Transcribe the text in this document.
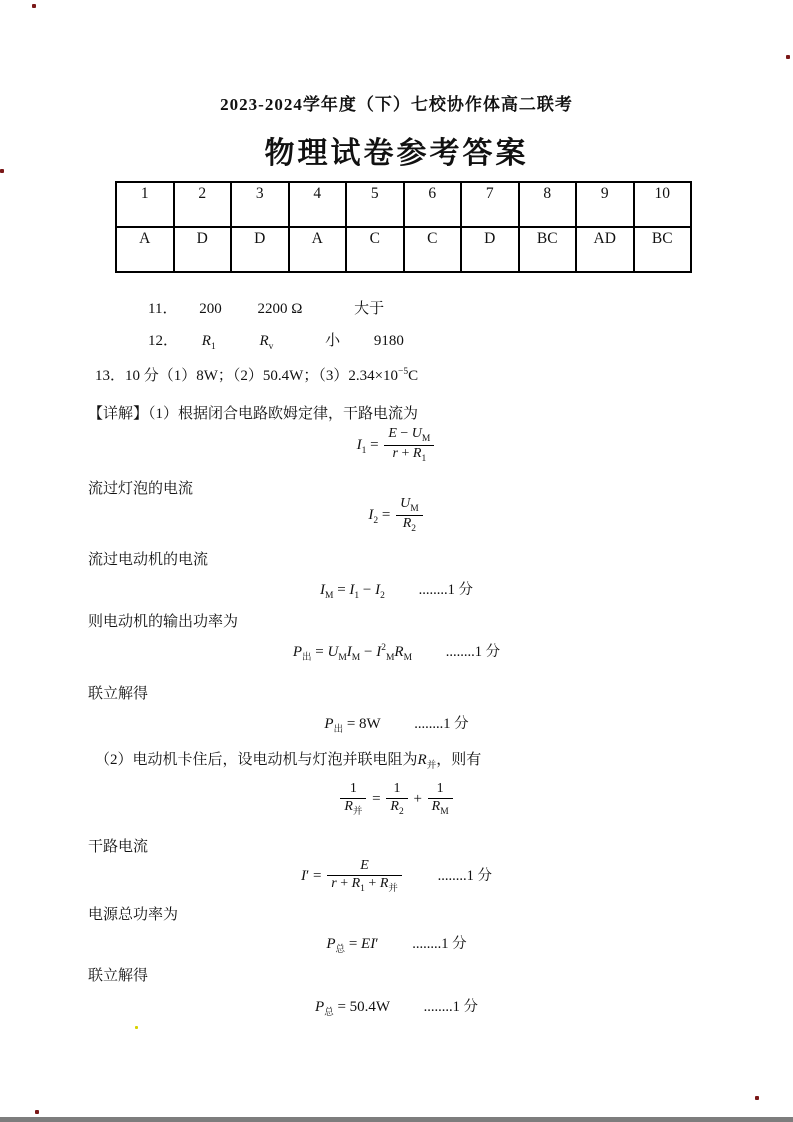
2023-2024学年度（下）七校协作体高二联考
物理试卷参考答案
1	2	3	4	5	6	7	8	9	10
A	D	D	A	C	C	D	BC	AD	BC
11． 200 2200 Ω	大于
12． R1	Rv	小 9180
13．10 分（1）8W；（2）50.4W；$(3)2.34\times 10^{-5}C$
【详解】（1）根据闭合电路欧姆定律，干路电流为
$I_1 = \frac{E - U_M}{r + R_1}$
流过灯泡的电流
$I_2 = \frac{U_M}{R_2}$
流过电动机的电流
$I_M = I_1 - I_2$ ........1 分
则电动机的输出功率为
$P_出 = U_MI_M - I^2_MR_M$ ........1 分
联立解得
$P_出 = 8W$ ........1 分
（2）电动机卡住后，设电动机与灯泡并联电阻为$R_并$，则有
$\frac{1}{R_并} = \frac{1}{R_2} + \frac{1}{R_M}$
干路电流
$I' = \frac{E}{r + R_1 + R_并} ........1$ 分
电源总功率为
$P_总 = EI'$ ........1 分
联立解得
$P_总 = 50.4W$ ........1 分
